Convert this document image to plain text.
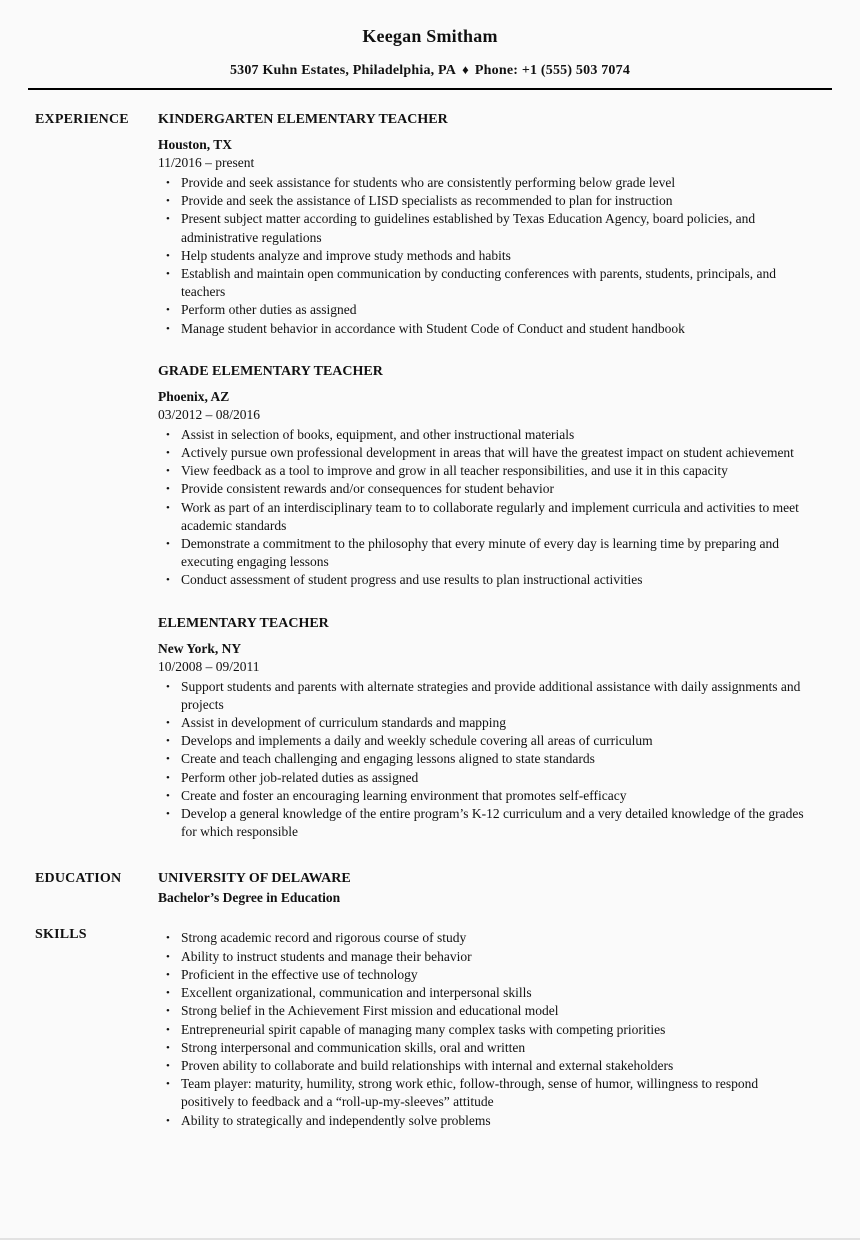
Keegan Smitham
5307 Kuhn Estates, Philadelphia, PA ♦ Phone: +1 (555) 503 7074
EXPERIENCE	KINDERGARTEN ELEMENTARY TEACHER
Houston, TX
11/2016 – present
• Provide and seek assistance for students who are consistently performing below grade level
• Provide and seek the assistance of LISD specialists as recommended to plan for instruction
• Present subject matter according to guidelines established by Texas Education Agency, board policies, and administrative regulations
• Help students analyze and improve study methods and habits
• Establish and maintain open communication by conducting conferences with parents, students, principals, and teachers
• Perform other duties as assigned
• Manage student behavior in accordance with Student Code of Conduct and student handbook
GRADE ELEMENTARY TEACHER
Phoenix, AZ
03/2012 – 08/2016
• Assist in selection of books, equipment, and other instructional materials
• Actively pursue own professional development in areas that will have the greatest impact on student achievement
• View feedback as a tool to improve and grow in all teacher responsibilities, and use it in this capacity
• Provide consistent rewards and/or consequences for student behavior
• Work as part of an interdisciplinary team to to collaborate regularly and implement curricula and activities to meet academic standards
• Demonstrate a commitment to the philosophy that every minute of every day is learning time by preparing and executing engaging lessons
• Conduct assessment of student progress and use results to plan instructional activities
ELEMENTARY TEACHER
New York, NY
10/2008 – 09/2011
• Support students and parents with alternate strategies and provide additional assistance with daily assignments and projects
• Assist in development of curriculum standards and mapping
• Develops and implements a daily and weekly schedule covering all areas of curriculum
• Create and teach challenging and engaging lessons aligned to state standards
• Perform other job-related duties as assigned
• Create and foster an encouraging learning environment that promotes self-efficacy
• Develop a general knowledge of the entire program’s K-12 curriculum and a very detailed knowledge of the grades for which responsible
EDUCATION	UNIVERSITY OF DELAWARE
Bachelor’s Degree in Education
SKILLS	• Strong academic record and rigorous course of study
• Ability to instruct students and manage their behavior
• Proficient in the effective use of technology
• Excellent organizational, communication and interpersonal skills
• Strong belief in the Achievement First mission and educational model
• Entrepreneurial spirit capable of managing many complex tasks with competing priorities
• Strong interpersonal and communication skills, oral and written
• Proven ability to collaborate and build relationships with internal and external stakeholders
• Team player: maturity, humility, strong work ethic, follow-through, sense of humor, willingness to respond positively to feedback and a “roll-up-my-sleeves” attitude
• Ability to strategically and independently solve problems
